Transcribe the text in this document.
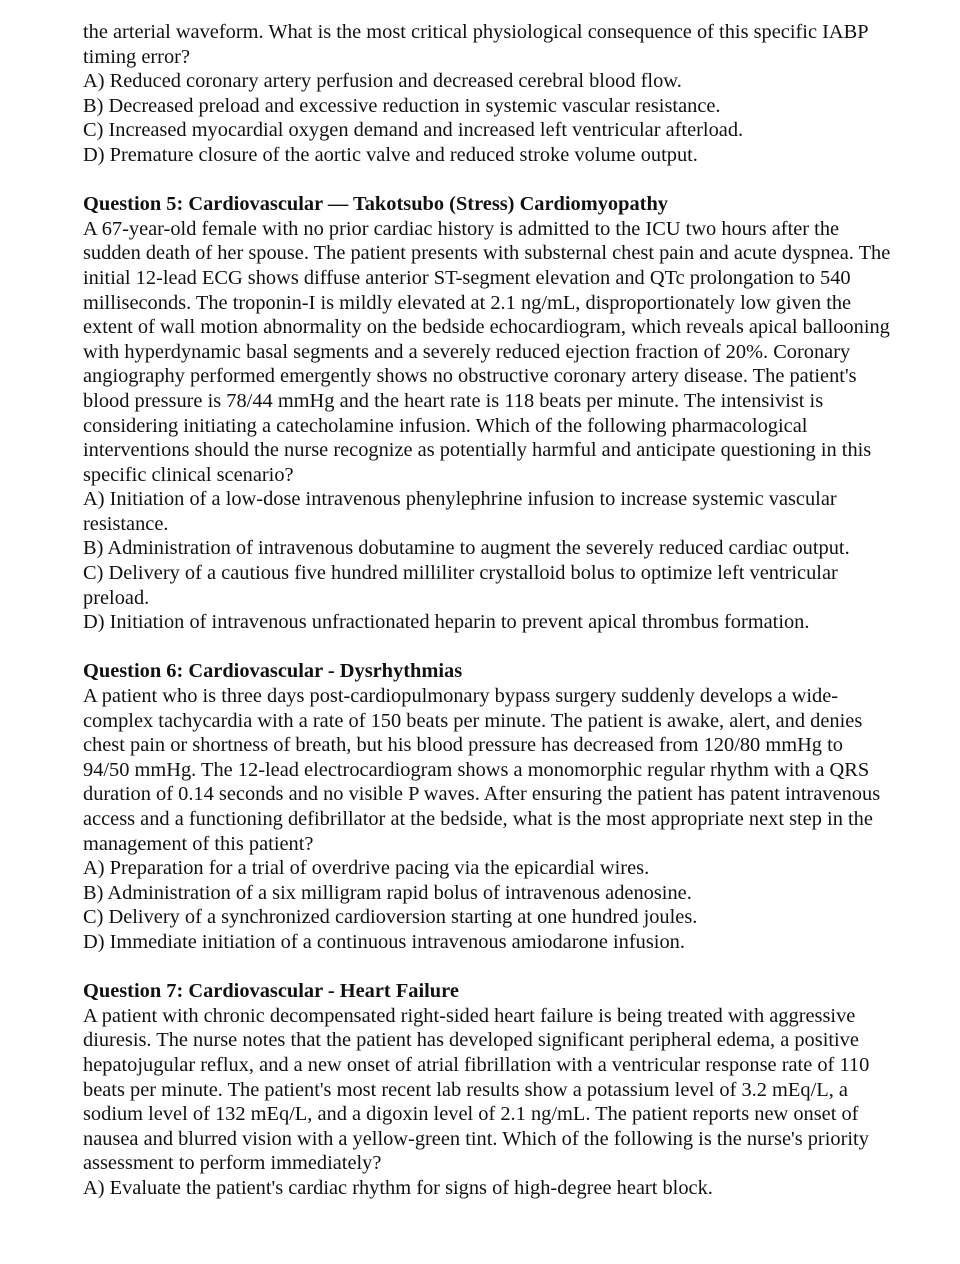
the arterial waveform. What is the most critical physiological consequence of this specific IABP timing error?

A) Reduced coronary artery perfusion and decreased cerebral blood flow.

B) Decreased preload and excessive reduction in systemic vascular resistance.

C) Increased myocardial oxygen demand and increased left ventricular afterload.

D) Premature closure of the aortic valve and reduced stroke volume output.

Question 5: Cardiovascular — Takotsubo (Stress) Cardiomyopathy

A 67-year-old female with no prior cardiac history is admitted to the ICU two hours after the sudden death of her spouse. The patient presents with substernal chest pain and acute dyspnea. The initial 12-lead ECG shows diffuse anterior ST-segment elevation and QTc prolongation to 540 milliseconds. The troponin-I is mildly elevated at 2.1 ng/mL, disproportionately low given the extent of wall motion abnormality on the bedside echocardiogram, which reveals apical ballooning with hyperdynamic basal segments and a severely reduced ejection fraction of 20%. Coronary angiography performed emergently shows no obstructive coronary artery disease. The patient's blood pressure is 78/44 mmHg and the heart rate is 118 beats per minute. The intensivist is considering initiating a catecholamine infusion. Which of the following pharmacological interventions should the nurse recognize as potentially harmful and anticipate questioning in this specific clinical scenario?

A) Initiation of a low-dose intravenous phenylephrine infusion to increase systemic vascular resistance.

B) Administration of intravenous dobutamine to augment the severely reduced cardiac output.

C) Delivery of a cautious five hundred milliliter crystalloid bolus to optimize left ventricular preload.

D) Initiation of intravenous unfractionated heparin to prevent apical thrombus formation.

Question 6: Cardiovascular - Dysrhythmias

A patient who is three days post-cardiopulmonary bypass surgery suddenly develops a wide-complex tachycardia with a rate of 150 beats per minute. The patient is awake, alert, and denies chest pain or shortness of breath, but his blood pressure has decreased from 120/80 mmHg to 94/50 mmHg. The 12-lead electrocardiogram shows a monomorphic regular rhythm with a QRS duration of 0.14 seconds and no visible P waves. After ensuring the patient has patent intravenous access and a functioning defibrillator at the bedside, what is the most appropriate next step in the management of this patient?

A) Preparation for a trial of overdrive pacing via the epicardial wires.

B) Administration of a six milligram rapid bolus of intravenous adenosine.

C) Delivery of a synchronized cardioversion starting at one hundred joules.

D) Immediate initiation of a continuous intravenous amiodarone infusion.

Question 7: Cardiovascular - Heart Failure

A patient with chronic decompensated right-sided heart failure is being treated with aggressive diuresis. The nurse notes that the patient has developed significant peripheral edema, a positive hepatojugular reflux, and a new onset of atrial fibrillation with a ventricular response rate of 110 beats per minute. The patient's most recent lab results show a potassium level of 3.2 mEq/L, a sodium level of 132 mEq/L, and a digoxin level of 2.1 ng/mL. The patient reports new onset of nausea and blurred vision with a yellow-green tint. Which of the following is the nurse's priority assessment to perform immediately?

A) Evaluate the patient's cardiac rhythm for signs of high-degree heart block.
